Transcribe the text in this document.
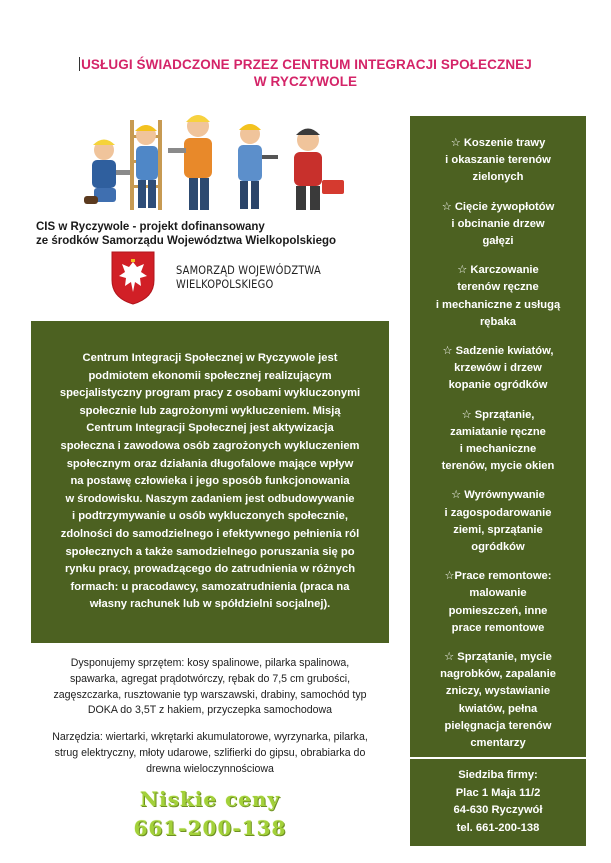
USŁUGI ŚWIADCZONE PRZEZ CENTRUM INTEGRACJI SPOŁECZNEJ
W RYCZYWOLE
CIS w Ryczywole - projekt dofinansowany
ze środków Samorządu Województwa Wielkopolskiego
SAMORZĄD WOJEWÓDZTWA
WIELKOPOLSKIEGO
Centrum Integracji Społecznej w Ryczywole jest
podmiotem ekonomii społecznej realizującym
specjalistyczny program pracy z osobami wykluczonymi
społecznie lub zagrożonymi wykluczeniem. Misją
Centrum Integracji Społecznej jest aktywizacja
społeczna i zawodowa osób zagrożonych wykluczeniem
społecznym oraz działania długofalowe mające wpływ
na postawę człowieka i jego sposób funkcjonowania
w środowisku. Naszym zadaniem jest odbudowywanie
i podtrzymywanie u osób wykluczonych społecznie,
zdolności do samodzielnego i efektywnego pełnienia ról
społecznych a także samodzielnego poruszania się po
rynku pracy, prowadzącego do zatrudnienia w różnych
formach: u pracodawcy, samozatrudnienia (praca na
własny rachunek lub w spółdzielni socjalnej).
Dysponujemy sprzętem: kosy spalinowe, pilarka spalinowa,
spawarka, agregat prądotwórczy, rębak do 7,5 cm grubości,
zagęszczarka, rusztowanie typ warszawski, drabiny, samochód typ
DOKA do 3,5T z hakiem, przyczepka samochodowa
Narzędzia: wiertarki, wkrętarki akumulatorowe, wyrzynarka, pilarka,
strug elektryczny, młoty udarowe, szlifierki do gipsu, obrabiarka do
drewna wieloczynnościowa
Niskie ceny
661-200-138
☆ Koszenie trawy
i okaszanie terenów
zielonych
☆ Cięcie żywopłotów
i obcinanie drzew
gałęzi
☆ Karczowanie
terenów ręczne
i mechaniczne z usługą
rębaka
☆ Sadzenie kwiatów,
krzewów i drzew
kopanie ogródków
☆ Sprzątanie,
zamiatanie ręczne
i mechaniczne
terenów, mycie okien
☆ Wyrównywanie
i zagospodarowanie
ziemi, sprzątanie
ogródków
☆Prace remontowe:
malowanie
pomieszczeń, inne
prace remontowe
☆ Sprzątanie, mycie
nagrobków, zapalanie
zniczy, wystawianie
kwiatów, pełna
pielęgnacja terenów
cmentarzy
Siedziba firmy:
Plac 1 Maja 11/2
64-630 Ryczywół
tel. 661-200-138
